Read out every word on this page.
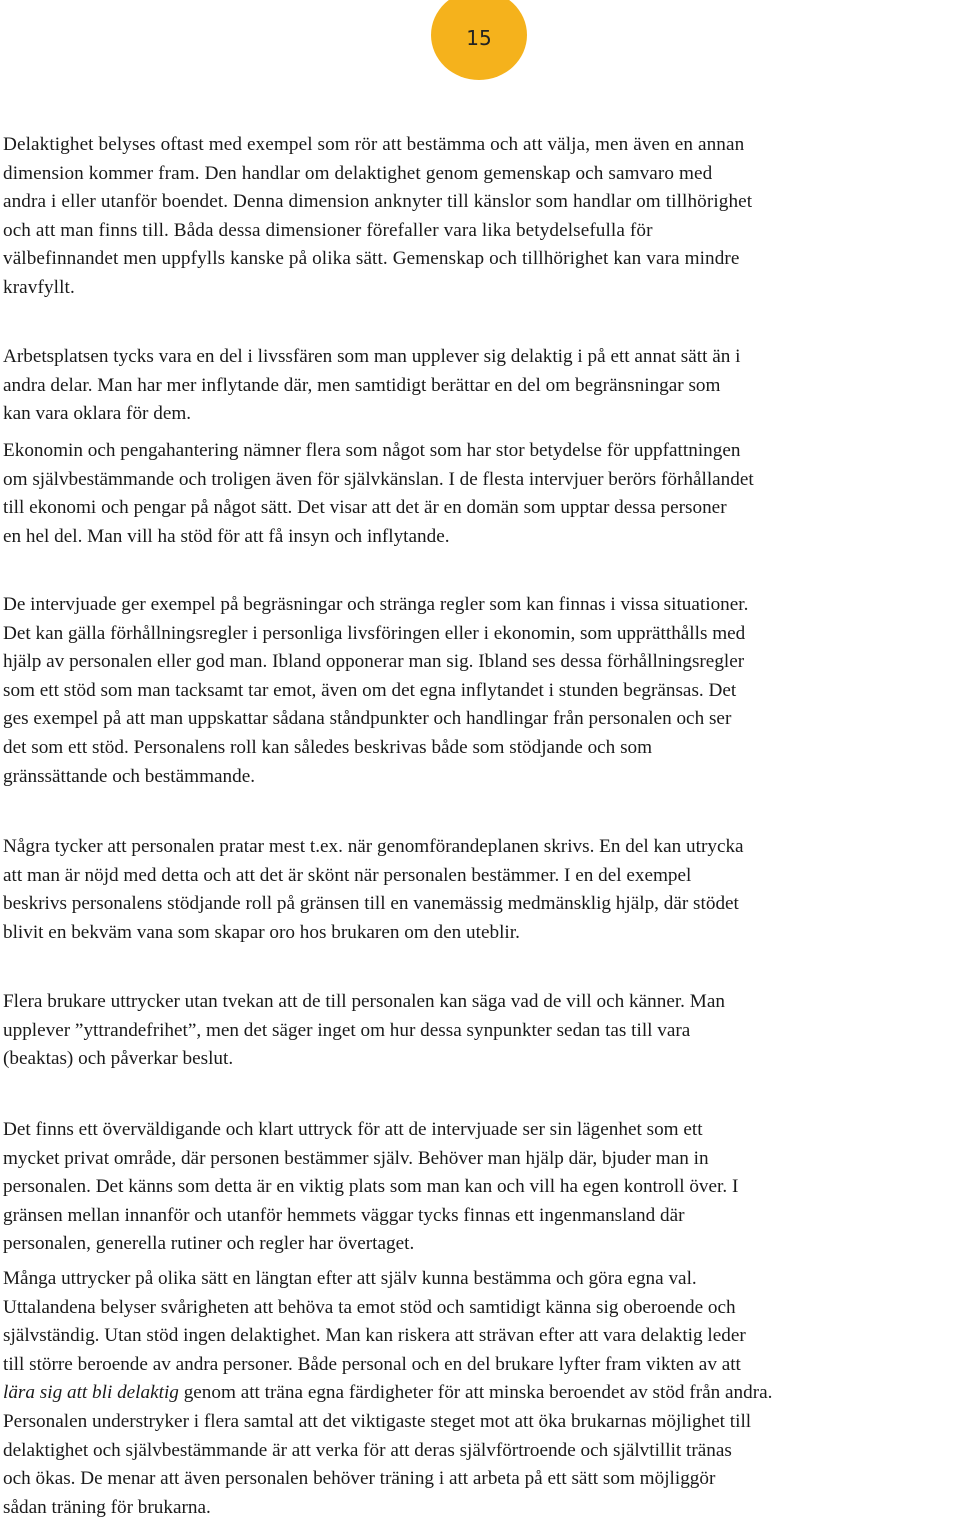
15

Delaktighet belyses oftast med exempel som rör att bestämma och att välja, men även en annan
dimension kommer fram. Den handlar om delaktighet genom gemenskap och samvaro med
andra i eller utanför boendet. Denna dimension anknyter till känslor som handlar om tillhörighet
och att man finns till. Båda dessa dimensioner förefaller vara lika betydelsefulla för
välbefinnandet men uppfylls kanske på olika sätt. Gemenskap och tillhörighet kan vara mindre
kravfyllt.

Arbetsplatsen tycks vara en del i livssfären som man upplever sig delaktig i på ett annat sätt än i
andra delar. Man har mer inflytande där, men samtidigt berättar en del om begränsningar som
kan vara oklara för dem.

Ekonomin och pengahantering nämner flera som något som har stor betydelse för uppfattningen
om självbestämmande och troligen även för självkänslan. I de flesta intervjuer berörs förhållandet
till ekonomi och pengar på något sätt. Det visar att det är en domän som upptar dessa personer
en hel del. Man vill ha stöd för att få insyn och inflytande.

De intervjuade ger exempel på begräsningar och stränga regler som kan finnas i vissa situationer.
Det kan gälla förhållningsregler i personliga livsföringen eller i ekonomin, som upprätthålls med
hjälp av personalen eller god man. Ibland opponerar man sig. Ibland ses dessa förhållningsregler
som ett stöd som man tacksamt tar emot, även om det egna inflytandet i stunden begränsas. Det
ges exempel på att man uppskattar sådana ståndpunkter och handlingar från personalen och ser
det som ett stöd. Personalens roll kan således beskrivas både som stödjande och som
gränssättande och bestämmande.

Några tycker att personalen pratar mest t.ex. när genomförandeplanen skrivs. En del kan utrycka
att man är nöjd med detta och att det är skönt när personalen bestämmer. I en del exempel
beskrivs personalens stödjande roll på gränsen till en vanemässig medmänsklig hjälp, där stödet
blivit en bekväm vana som skapar oro hos brukaren om den uteblir.

Flera brukare uttrycker utan tvekan att de till personalen kan säga vad de vill och känner. Man
upplever ”yttrandefrihet”, men det säger inget om hur dessa synpunkter sedan tas till vara
(beaktas) och påverkar beslut.

Det finns ett överväldigande och klart uttryck för att de intervjuade ser sin lägenhet som ett
mycket privat område, där personen bestämmer själv. Behöver man hjälp där, bjuder man in
personalen. Det känns som detta är en viktig plats som man kan och vill ha egen kontroll över. I
gränsen mellan innanför och utanför hemmets väggar tycks finnas ett ingenmansland där
personalen, generella rutiner och regler har övertaget.

Många uttrycker på olika sätt en längtan efter att själv kunna bestämma och göra egna val.
Uttalandena belyser svårigheten att behöva ta emot stöd och samtidigt känna sig oberoende och
självständig. Utan stöd ingen delaktighet. Man kan riskera att strävan efter att vara delaktig leder
till större beroende av andra personer. Både personal och en del brukare lyfter fram vikten av att
lära sig att bli delaktig genom att träna egna färdigheter för att minska beroendet av stöd från andra.
Personalen understryker i flera samtal att det viktigaste steget mot att öka brukarnas möjlighet till
delaktighet och självbestämmande är att verka för att deras självförtroende och självtillit tränas
och ökas. De menar att även personalen behöver träning i att arbeta på ett sätt som möjliggör
sådan träning för brukarna.
